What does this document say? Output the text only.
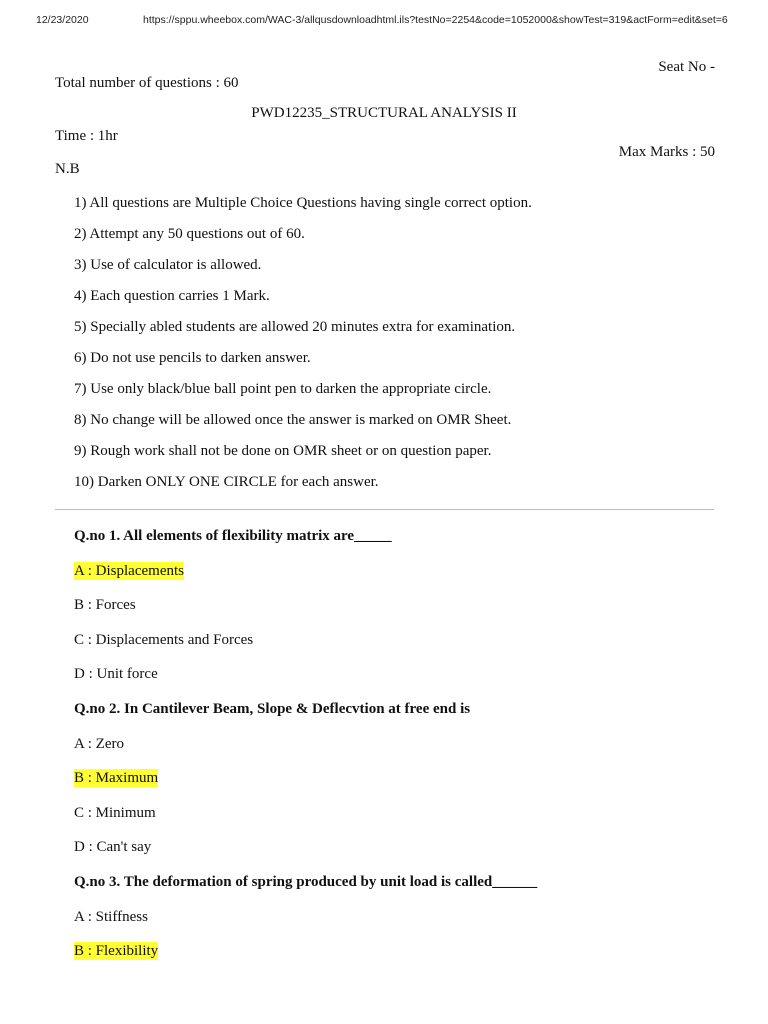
12/23/2020	https://sppu.wheebox.com/WAC-3/allqusdownloadhtml.ils?testNo=2254&code=1052000&showTest=319&actForm=edit&set=6
Seat No -
Total number of questions : 60
PWD12235_STRUCTURAL ANALYSIS II
Time : 1hr
Max Marks : 50
N.B
1) All questions are Multiple Choice Questions having single correct option.
2) Attempt any 50 questions out of 60.
3) Use of calculator is allowed.
4) Each question carries 1 Mark.
5) Specially abled students are allowed 20 minutes extra for examination.
6) Do not use pencils to darken answer.
7) Use only black/blue ball point pen to darken the appropriate circle.
8) No change will be allowed once the answer is marked on OMR Sheet.
9) Rough work shall not be done on OMR sheet or on question paper.
10) Darken ONLY ONE CIRCLE for each answer.
Q.no 1. All elements of flexibility matrix are_____
A : Displacements
B : Forces
C : Displacements and Forces
D : Unit force
Q.no 2. In Cantilever Beam, Slope & Deflecvtion at free end is
A : Zero
B : Maximum
C : Minimum
D : Can't say
Q.no 3. The deformation of spring produced by unit load is called______
A : Stiffness
B : Flexibility
